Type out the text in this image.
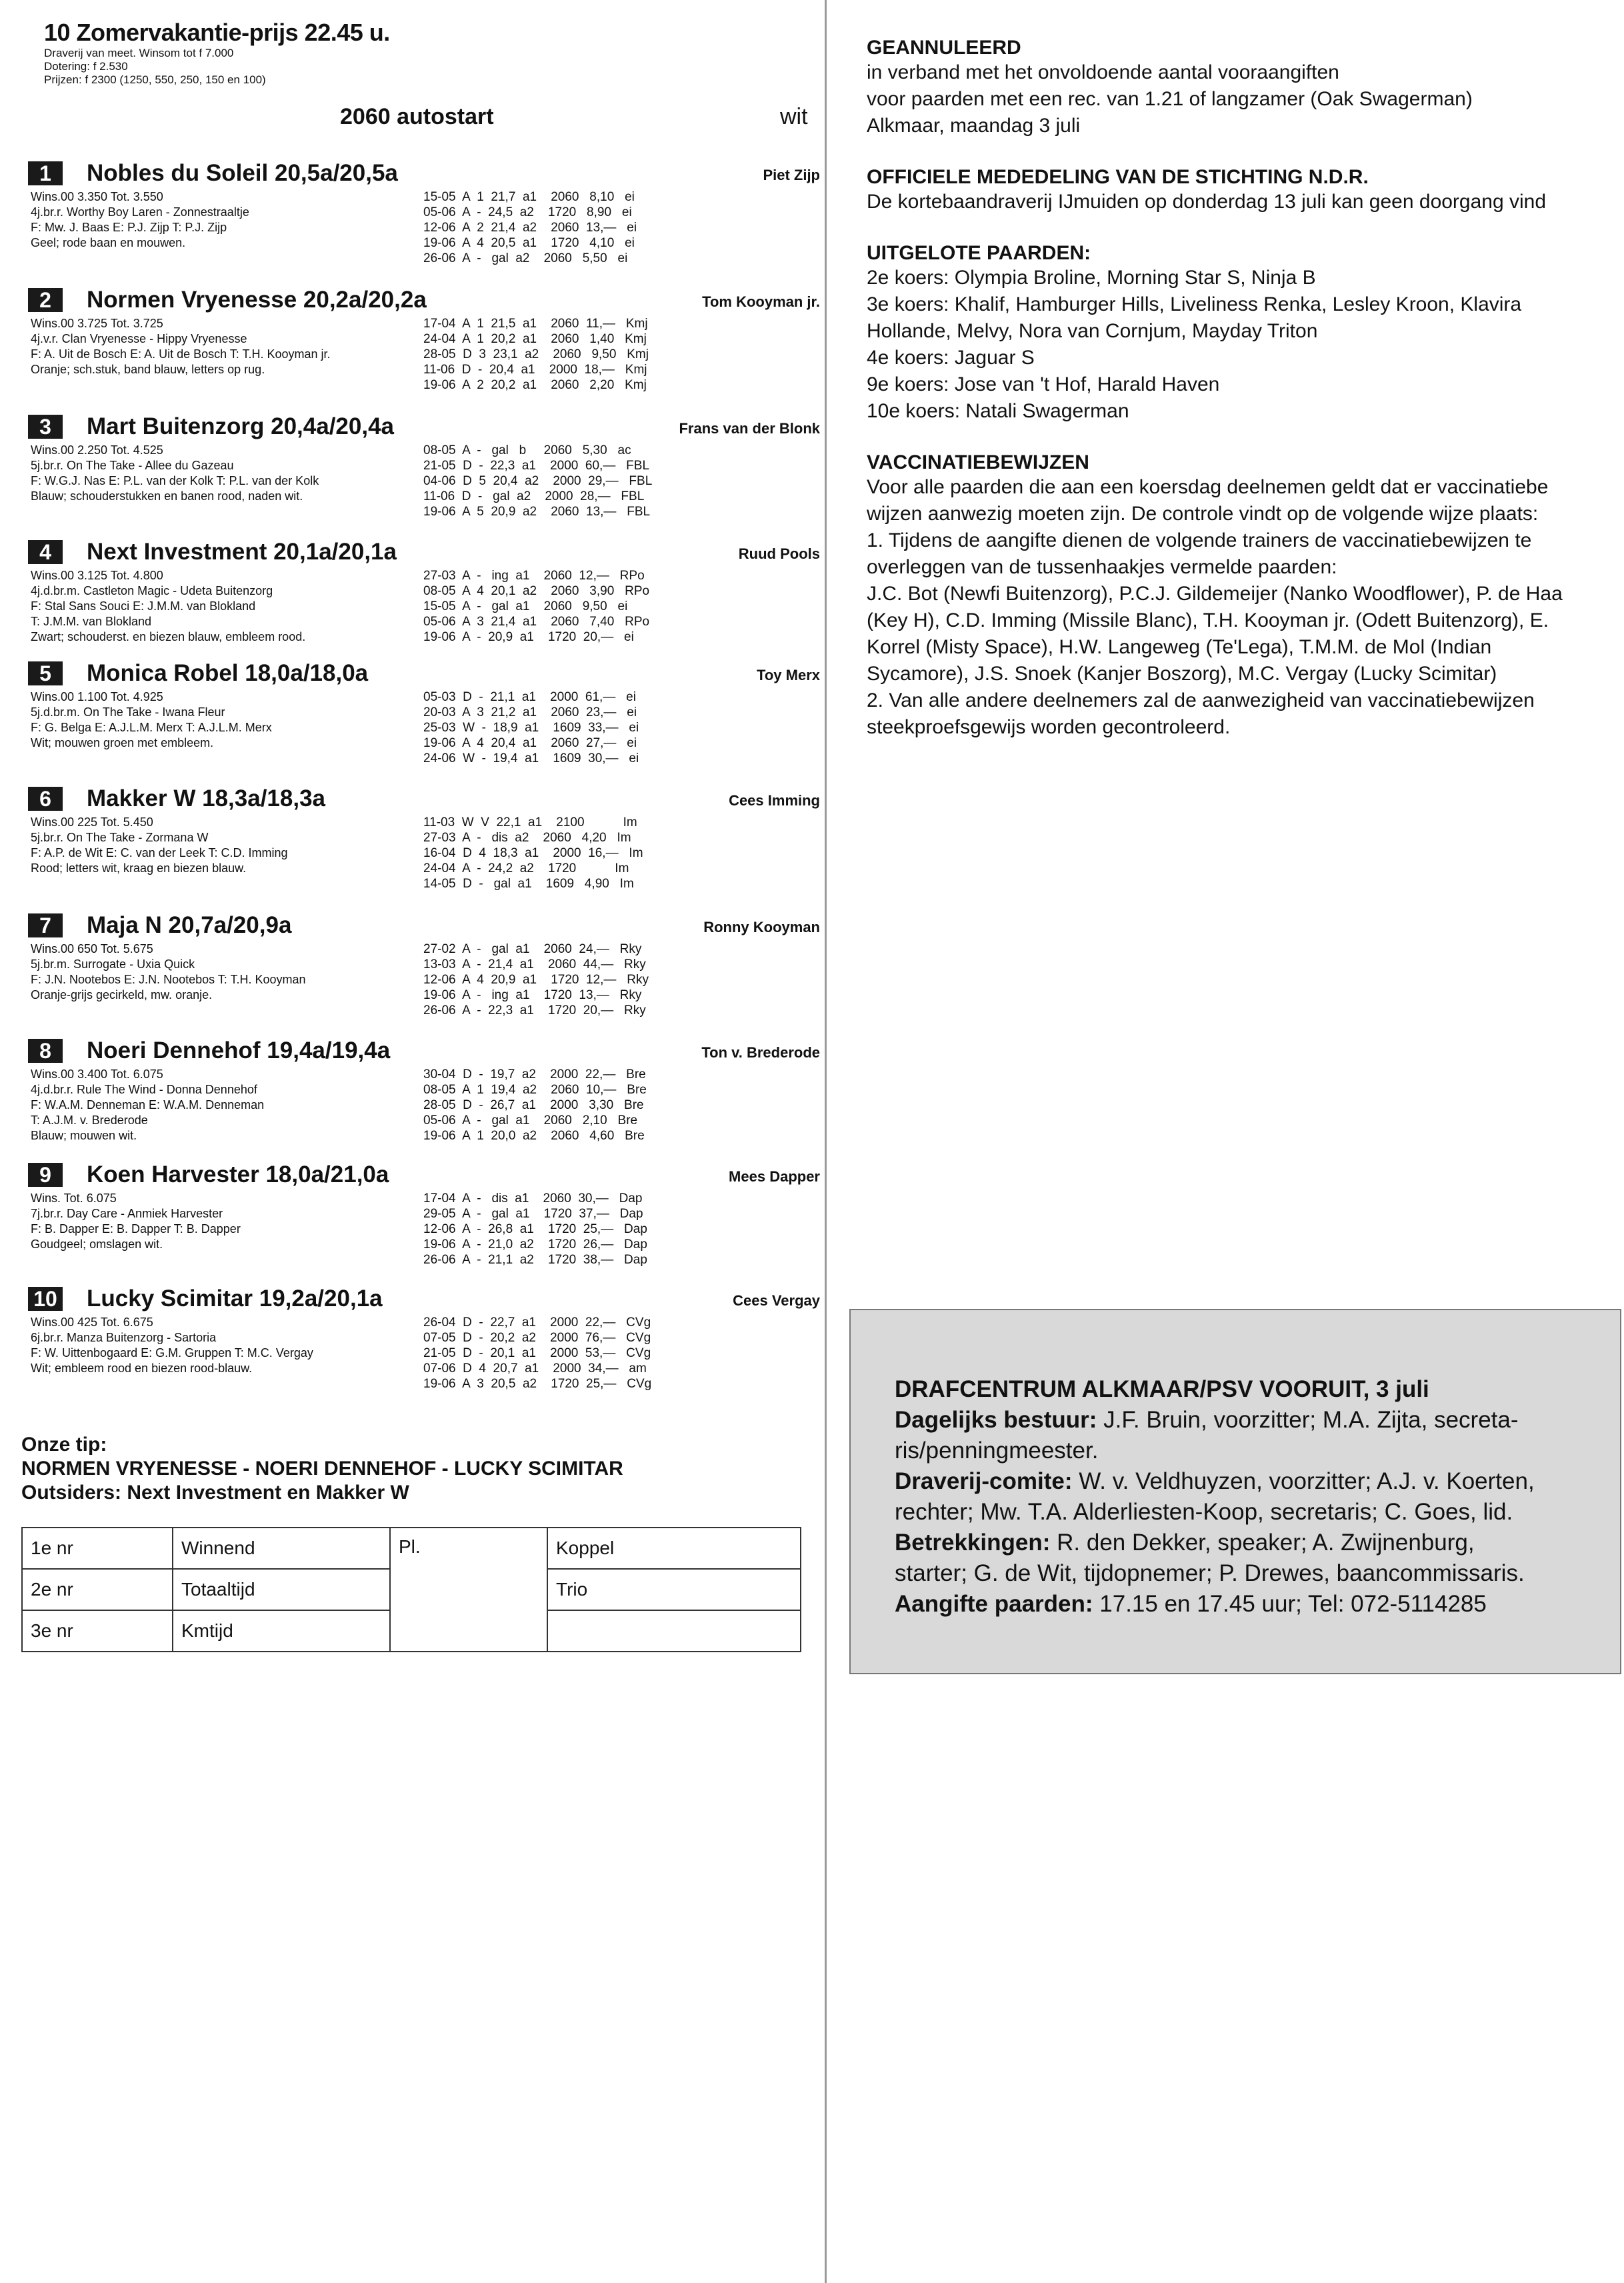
10 Zomervakantie-prijs 22.45 u.
Draverij van meet. Winsom tot f 7.000
Dotering: f 2.530
Prijzen: f 2300 (1250, 550, 250, 150 en 100)
2060 autostart	wit
1	Nobles du Soleil 20,5a/20,5a	Piet Zijp
Wins.00 3.350 Tot. 3.550
4j.br.r. Worthy Boy Laren - Zonnestraaltje
F: Mw. J. Baas E: P.J. Zijp T: P.J. Zijp
Geel; rode baan en mouwen.
15-05  A  1  21,7  a1    2060   8,10   ei
05-06  A  -  24,5  a2    1720   8,90   ei
12-06  A  2  21,4  a2    2060  13,—   ei
19-06  A  4  20,5  a1    1720   4,10   ei
26-06  A  -   gal  a2    2060   5,50   ei
2	Normen Vryenesse 20,2a/20,2a	Tom Kooyman jr.
Wins.00 3.725 Tot. 3.725
4j.v.r. Clan Vryenesse - Hippy Vryenesse
F: A. Uit de Bosch E: A. Uit de Bosch T: T.H. Kooyman jr.
Oranje; sch.stuk, band blauw, letters op rug.
17-04  A  1  21,5  a1    2060  11,—   Kmj
24-04  A  1  20,2  a1    2060   1,40   Kmj
28-05  D  3  23,1  a2    2060   9,50   Kmj
11-06  D  -  20,4  a1    2000  18,—   Kmj
19-06  A  2  20,2  a1    2060   2,20   Kmj
3	Mart Buitenzorg 20,4a/20,4a	Frans van der Blonk
Wins.00 2.250 Tot. 4.525
5j.br.r. On The Take - Allee du Gazeau
F: W.G.J. Nas E: P.L. van der Kolk T: P.L. van der Kolk
Blauw; schouderstukken en banen rood, naden wit.
08-05  A  -   gal   b     2060   5,30   ac
21-05  D  -  22,3  a1    2000  60,—   FBL
04-06  D  5  20,4  a2    2000  29,—   FBL
11-06  D  -   gal  a2    2000  28,—   FBL
19-06  A  5  20,9  a2    2060  13,—   FBL
4	Next Investment 20,1a/20,1a	Ruud Pools
Wins.00 3.125 Tot. 4.800
4j.d.br.m. Castleton Magic - Udeta Buitenzorg
F: Stal Sans Souci E: J.M.M. van Blokland
T: J.M.M. van Blokland
Zwart; schouderst. en biezen blauw, embleem rood.
27-03  A  -   ing  a1    2060  12,—   RPo
08-05  A  4  20,1  a2    2060   3,90   RPo
15-05  A  -   gal  a1    2060   9,50   ei
05-06  A  3  21,4  a1    2060   7,40   RPo
19-06  A  -  20,9  a1    1720  20,—   ei
5	Monica Robel 18,0a/18,0a	Toy Merx
Wins.00 1.100 Tot. 4.925
5j.d.br.m. On The Take - Iwana Fleur
F: G. Belga E: A.J.L.M. Merx T: A.J.L.M. Merx
Wit; mouwen groen met embleem.
05-03  D  -  21,1  a1    2000  61,—   ei
20-03  A  3  21,2  a1    2060  23,—   ei
25-03  W  -  18,9  a1    1609  33,—   ei
19-06  A  4  20,4  a1    2060  27,—   ei
24-06  W  -  19,4  a1    1609  30,—   ei
6	Makker W 18,3a/18,3a	Cees Imming
Wins.00 225 Tot. 5.450
5j.br.r. On The Take - Zormana W
F: A.P. de Wit E: C. van der Leek T: C.D. Imming
Rood; letters wit, kraag en biezen blauw.
11-03  W  V  22,1  a1    2100           Im
27-03  A  -   dis  a2    2060   4,20   Im
16-04  D  4  18,3  a1    2000  16,—   Im
24-04  A  -  24,2  a2    1720           Im
14-05  D  -   gal  a1    1609   4,90   Im
7	Maja N 20,7a/20,9a	Ronny Kooyman
Wins.00 650 Tot. 5.675
5j.br.m. Surrogate - Uxia Quick
F: J.N. Nootebos E: J.N. Nootebos T: T.H. Kooyman
Oranje-grijs gecirkeld, mw. oranje.
27-02  A  -   gal  a1    2060  24,—   Rky
13-03  A  -  21,4  a1    2060  44,—   Rky
12-06  A  4  20,9  a1    1720  12,—   Rky
19-06  A  -   ing  a1    1720  13,—   Rky
26-06  A  -  22,3  a1    1720  20,—   Rky
8	Noeri Dennehof 19,4a/19,4a	Ton v. Brederode
Wins.00 3.400 Tot. 6.075
4j.d.br.r. Rule The Wind - Donna Dennehof
F: W.A.M. Denneman E: W.A.M. Denneman
T: A.J.M. v. Brederode
Blauw; mouwen wit.
30-04  D  -  19,7  a2    2000  22,—   Bre
08-05  A  1  19,4  a2    2060  10,—   Bre
28-05  D  -  26,7  a1    2000   3,30   Bre
05-06  A  -   gal  a1    2060   2,10   Bre
19-06  A  1  20,0  a2    2060   4,60   Bre
9	Koen Harvester 18,0a/21,0a	Mees Dapper
Wins. Tot. 6.075
7j.br.r. Day Care - Anmiek Harvester
F: B. Dapper E: B. Dapper T: B. Dapper
Goudgeel; omslagen wit.
17-04  A  -   dis  a1    2060  30,—   Dap
29-05  A  -   gal  a1    1720  37,—   Dap
12-06  A  -  26,8  a1    1720  25,—   Dap
19-06  A  -  21,0  a2    1720  26,—   Dap
26-06  A  -  21,1  a2    1720  38,—   Dap
10 Lucky Scimitar 19,2a/20,1a	Cees Vergay
Wins.00 425 Tot. 6.675
6j.br.r. Manza Buitenzorg - Sartoria
F: W. Uittenbogaard E: G.M. Gruppen T: M.C. Vergay
Wit; embleem rood en biezen rood-blauw.
26-04  D  -  22,7  a1    2000  22,—   CVg
07-05  D  -  20,2  a2    2000  76,—   CVg
21-05  D  -  20,1  a1    2000  53,—   CVg
07-06  D  4  20,7  a1    2000  34,—   am
19-06  A  3  20,5  a2    1720  25,—   CVg
Onze tip:
NORMEN VRYENESSE - NOERI DENNEHOF - LUCKY SCIMITAR
Outsiders: Next Investment en Makker W
1e nr	Winnend	Pl.	Koppel
2e nr	Totaaltijd		Trio
3e nr	Kmtijd		
GEANNULEERD
in verband met het onvoldoende aantal vooraangiften
voor paarden met een rec. van 1.21 of langzamer (Oak Swagerman)
Alkmaar, maandag 3 juli
OFFICIELE MEDEDELING VAN DE STICHTING N.D.R.
De kortebaandraverij IJmuiden op donderdag 13 juli kan geen doorgang vind
UITGELOTE PAARDEN:
2e koers: Olympia Broline, Morning Star S, Ninja B
3e koers: Khalif, Hamburger Hills, Liveliness Renka, Lesley Kroon, Klavira
Hollande, Melvy, Nora van Cornjum, Mayday Triton
4e koers: Jaguar S
9e koers: Jose van 't Hof, Harald Haven
10e koers: Natali Swagerman
VACCINATIEBEWIJZEN
Voor alle paarden die aan een koersdag deelnemen geldt dat er vaccinatiebe
wijzen aanwezig moeten zijn. De controle vindt op de volgende wijze plaats:
1. Tijdens de aangifte dienen de volgende trainers de vaccinatiebewijzen te
overleggen van de tussenhaakjes vermelde paarden:
J.C. Bot (Newfi Buitenzorg), P.C.J. Gildemeijer (Nanko Woodflower), P. de Haa
(Key H), C.D. Imming (Missile Blanc), T.H. Kooyman jr. (Odett Buitenzorg), E.
Korrel (Misty Space), H.W. Langeweg (Te'Lega), T.M.M. de Mol (Indian
Sycamore), J.S. Snoek (Kanjer Boszorg), M.C. Vergay (Lucky Scimitar)
2. Van alle andere deelnemers zal de aanwezigheid van vaccinatiebewijzen
steekproefsgewijs worden gecontroleerd.
DRAFCENTRUM ALKMAAR/PSV VOORUIT, 3 juli
Dagelijks bestuur: J.F. Bruin, voorzitter; M.A. Zijta, secreta-
ris/penningmeester.
Draverij-comite: W. v. Veldhuyzen, voorzitter; A.J. v. Koerten,
rechter; Mw. T.A. Alderliesten-Koop, secretaris; C. Goes, lid.
Betrekkingen: R. den Dekker, speaker; A. Zwijnenburg,
starter; G. de Wit, tijdopnemer; P. Drewes, baancommissaris.
Aangifte paarden: 17.15 en 17.45 uur; Tel: 072-5114285
